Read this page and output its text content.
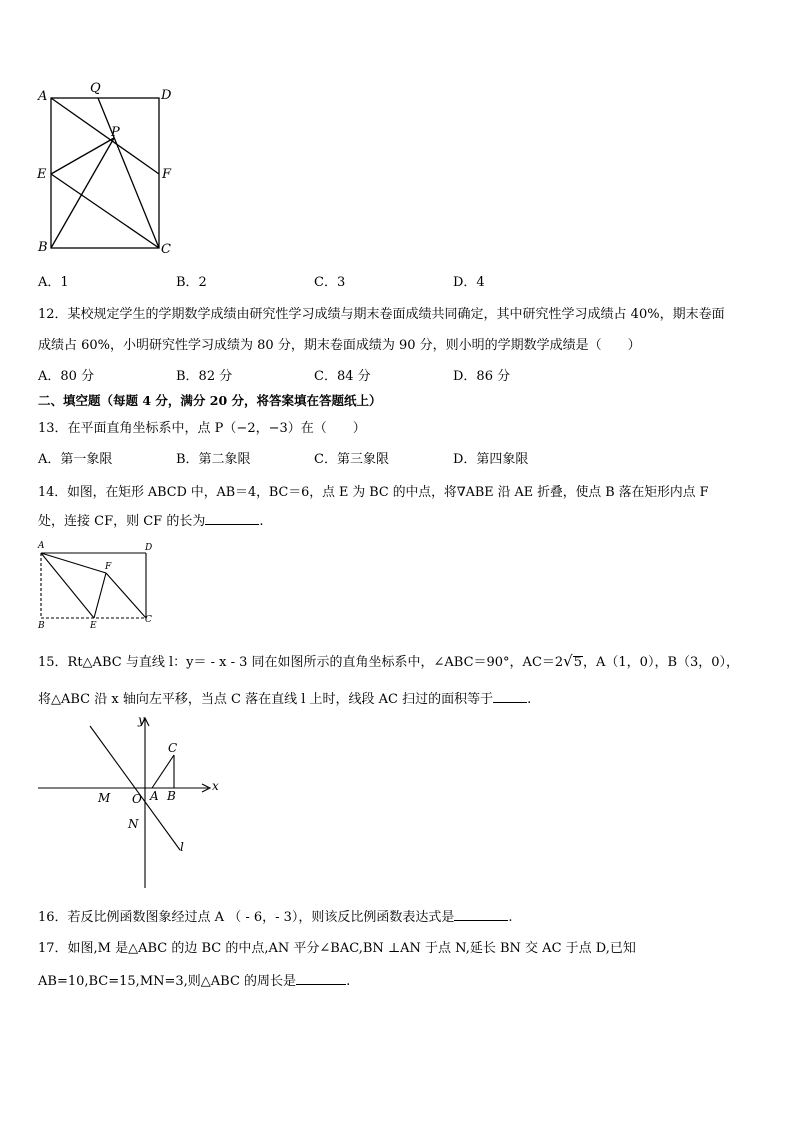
A
Q	D
P
E	F
B	C
A．1	B．2	C．3	D．4
12．某校规定学生的学期数学成绩由研究性学习成绩与期末卷面成绩共同确定，其中研究性学习成绩占 40%，期末卷面
成绩占 60%，小明研究性学习成绩为 80 分，期末卷面成绩为 90 分，则小明的学期数学成绩是（　　）
A．80 分	B．82 分	C．84 分	D．86 分
二、填空题（每题 4 分，满分 20 分，将答案填在答题纸上）
13．在平面直角坐标系中，点 P（−2，−3）在（　　）
A．第一象限	B．第二象限	C．第三象限	D．第四象限
14．如图，在矩形 ABCD 中，AB＝4，BC＝6，点 E 为 BC 的中点，将∇ABE 沿 AE 折叠，使点 B 落在矩形内点 F
处，连接 CF，则 CF 的长为	.
A	D
F
B	E
C
15．Rt△ABC 与直线 l：y＝ - x - 3 同在如图所示的直角坐标系中，∠ABC＝90°，AC＝2√5，A（1，0），B（3，0），
将△ABC 沿 x 轴向左平移，当点 C 落在直线 l 上时，线段 AC 扫过的面积等于	.
y
x
C
M O A B
N
l
16．若反比例函数图象经过点 A （ - 6，- 3），则该反比例函数表达式是	.
17．如图,M 是△ABC 的边 BC 的中点,AN 平分∠BAC,BN ⊥AN 于点 N,延长 BN 交 AC 于点 D,已知
AB=10,BC=15,MN=3,则△ABC 的周长是	.
